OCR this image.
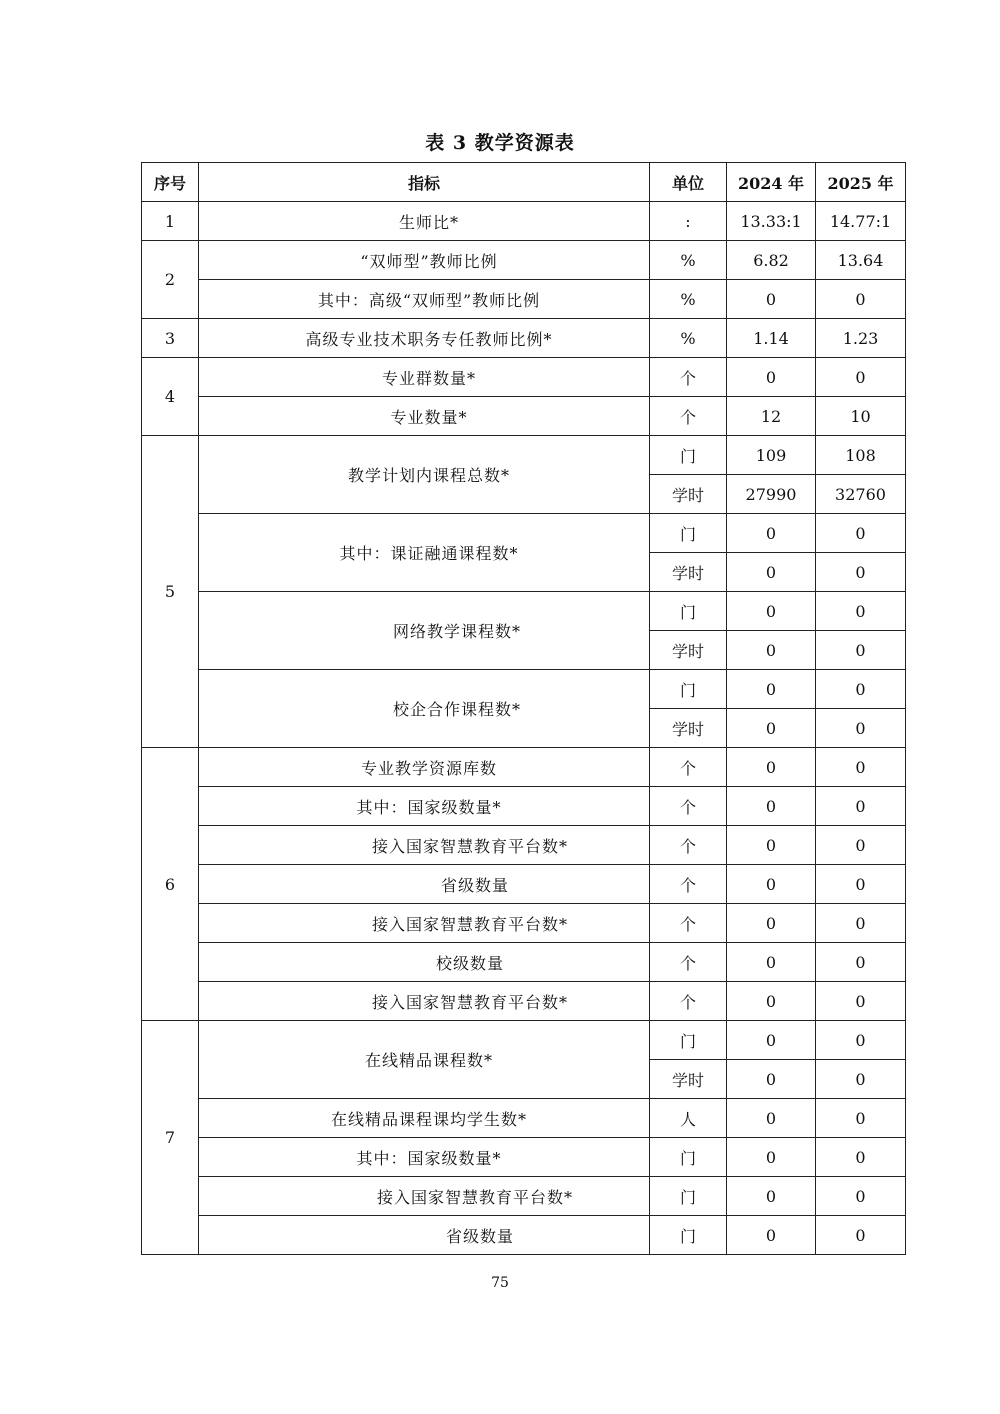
表 3 教学资源表
序号	指标	单位	2024 年	2025 年
1	生师比*	:	13.33:1	14.77:1
2	“双师型”教师比例	%	6.82	13.64
	其中：高级“双师型”教师比例	%	0	0
3	高级专业技术职务专任教师比例*	%	1.14	1.23
4	专业群数量*	个	0	0
	专业数量*	个	12	10
5	教学计划内课程总数*	门	109	108
		学时	27990	32760
	其中：课证融通课程数*	门	0	0
		学时	0	0
	网络教学课程数*	门	0	0
		学时	0	0
	校企合作课程数*	门	0	0
		学时	0	0
6	专业教学资源库数	个	0	0
	其中：国家级数量*	个	0	0
	接入国家智慧教育平台数*	个	0	0
	省级数量	个	0	0
	接入国家智慧教育平台数*	个	0	0
	校级数量	个	0	0
	接入国家智慧教育平台数*	个	0	0
7	在线精品课程数*	门	0	0
		学时	0	0
	在线精品课程课均学生数*	人	0	0
	其中：国家级数量*	门	0	0
	接入国家智慧教育平台数*	门	0	0
	省级数量	门	0	0
75
